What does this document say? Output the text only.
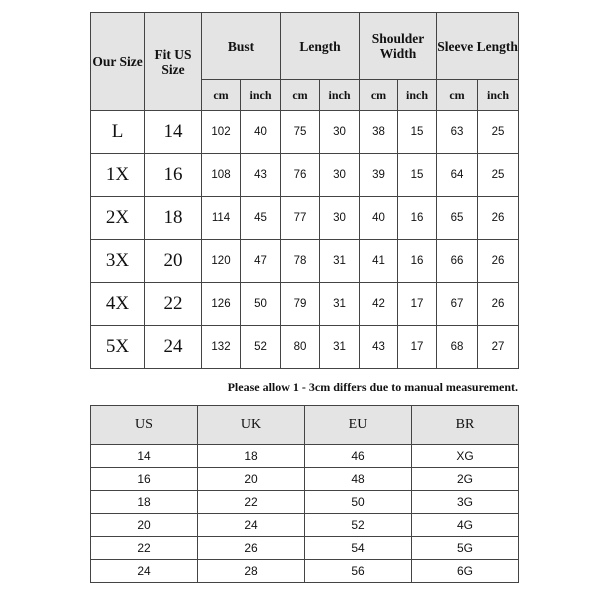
Our Size	Fit US Size	Bust		Length		Shoulder Width		Sleeve Length	
		cm	inch	cm	inch	cm	inch	cm	inch
L	14	102	40	75	30	38	15	63	25
1X	16	108	43	76	30	39	15	64	25
2X	18	114	45	77	30	40	16	65	26
3X	20	120	47	78	31	41	16	66	26
4X	22	126	50	79	31	42	17	67	26
5X	24	132	52	80	31	43	17	68	27
Please allow 1 - 3cm differs due to manual measurement.
US	UK	EU	BR
14	18	46	XG
16	20	48	2G
18	22	50	3G
20	24	52	4G
22	26	54	5G
24	28	56	6G
